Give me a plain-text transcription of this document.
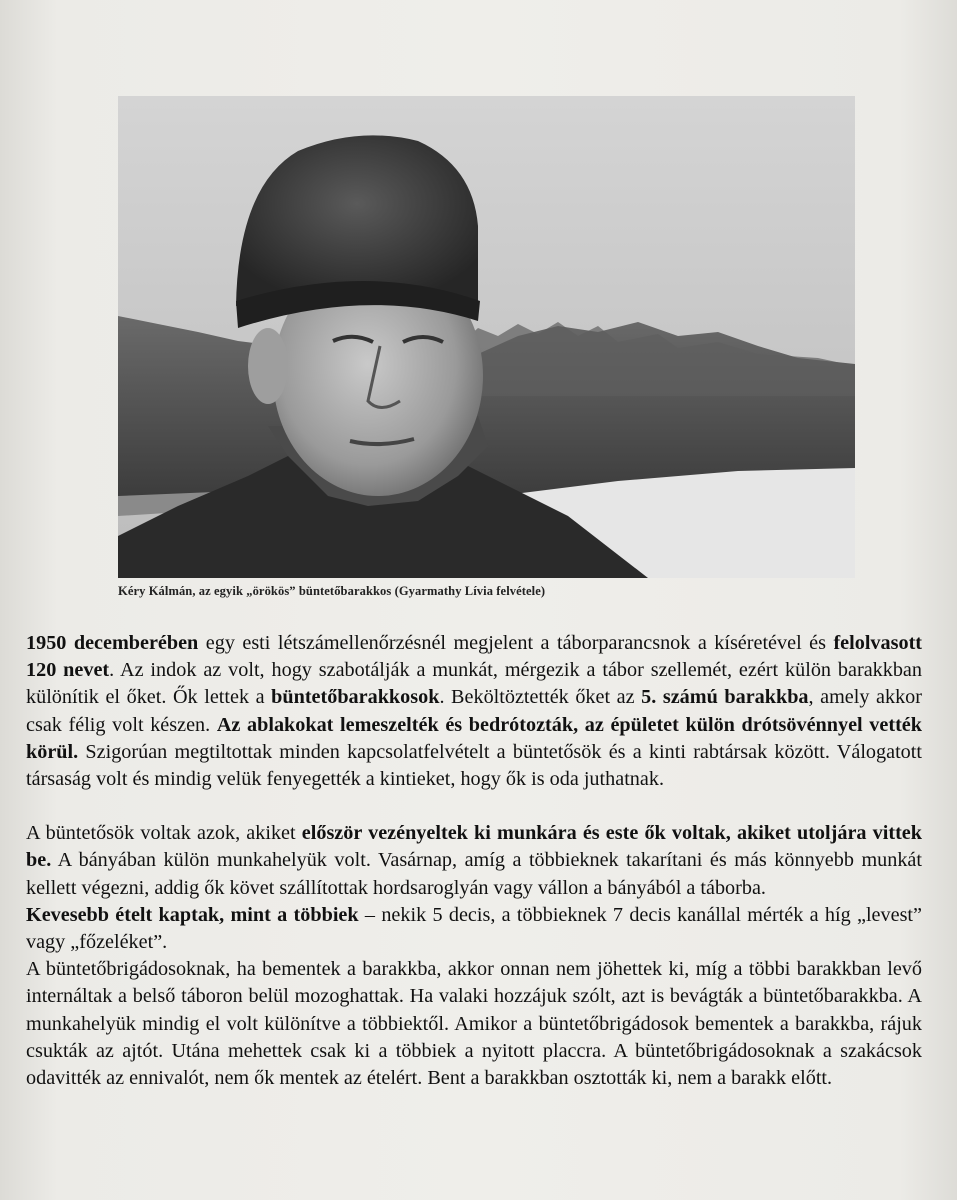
Kéry Kálmán, az egyik „örökös” büntetőbarakkos (Gyarmathy Lívia felvétele)

1950 decemberében egy esti létszámellenőrzésnél megjelent a táborparancsnok a kíséretével és felolvasott 120 nevet. Az indok az volt, hogy szabotálják a munkát, mérgezik a tábor szellemét, ezért külön barakkban különítik el őket. Ők lettek a büntetőbarakkosok. Beköltöztették őket az 5. számú barakkba, amely akkor csak félig volt készen. Az ablakokat lemeszelték és bedrótozták, az épületet külön drótsövénnyel vették körül. Szigorúan megtiltottak minden kapcsolatfelvételt a büntetősök és a kinti rabtársak között. Válogatott társaság volt és mindig velük fenyegették a kintieket, hogy ők is oda juthatnak.

A büntetősök voltak azok, akiket először vezényeltek ki munkára és este ők voltak, akiket utoljára vittek be. A bányában külön munkahelyük volt. Vasárnap, amíg a többieknek takarítani és más könnyebb munkát kellett végezni, addig ők követ szállítottak hordsaroglyán vagy vállon a bányából a táborba.

Kevesebb ételt kaptak, mint a többiek – nekik 5 decis, a többieknek 7 decis kanállal mérték a híg „levest” vagy „főzeléket”.

A büntetőbrigádosoknak, ha bementek a barakkba, akkor onnan nem jöhettek ki, míg a többi barakkban levő internáltak a belső táboron belül mozoghattak. Ha valaki hozzájuk szólt, azt is bevágták a büntetőbarakkba. A munkahelyük mindig el volt különítve a többiektől. Amikor a büntetőbrigádosok bementek a barakkba, rájuk csukták az ajtót. Utána mehettek csak ki a többiek a nyitott placcra. A büntetőbrigádosoknak a szakácsok odavitték az ennivalót, nem ők mentek az ételért. Bent a barakkban osztották ki, nem a barakk előtt.
